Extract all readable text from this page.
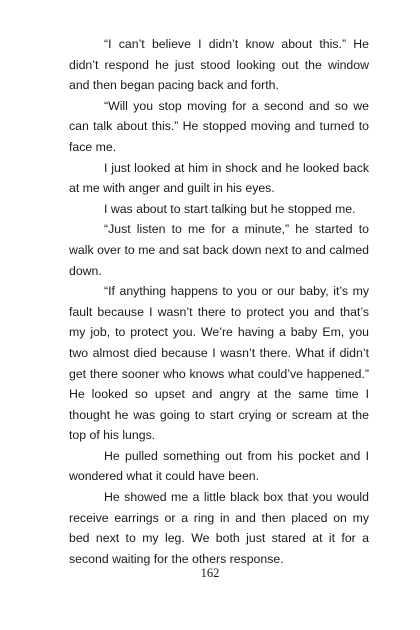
“I can’t believe I didn’t know about this.” He didn’t respond he just stood looking out the window and then began pacing back and forth.

“Will you stop moving for a second and so we can talk about this.” He stopped moving and turned to face me.

I just looked at him in shock and he looked back at me with anger and guilt in his eyes.

I was about to start talking but he stopped me.

“Just listen to me for a minute,” he started to walk over to me and sat back down next to and calmed down.

“If anything happens to you or our baby, it’s my fault because I wasn’t there to protect you and that’s my job, to protect you. We’re having a baby Em, you two almost died because I wasn’t there. What if didn’t get there sooner who knows what could’ve happened.” He looked so upset and angry at the same time I thought he was going to start crying or scream at the top of his lungs.

He pulled something out from his pocket and I wondered what it could have been.

He showed me a little black box that you would receive earrings or a ring in and then placed on my bed next to my leg. We both just stared at it for a second waiting for the others response.

162
